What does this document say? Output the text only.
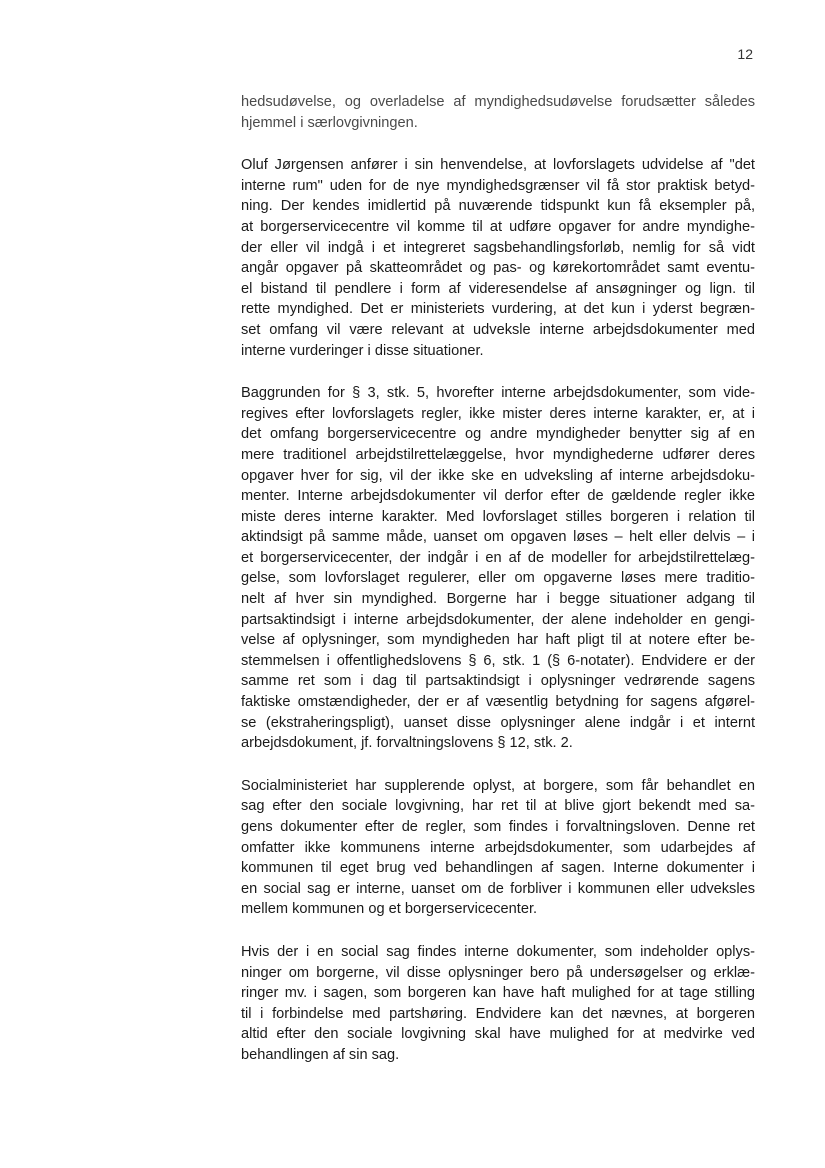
12

hedsudøvelse, og overladelse af myndighedsudøvelse forudsætter således
hjemmel i særlovgivningen.

Oluf Jørgensen anfører i sin henvendelse, at lovforslagets udvidelse af "det
interne rum" uden for de nye myndighedsgrænser vil få stor praktisk betyd-
ning. Der kendes imidlertid på nuværende tidspunkt kun få eksempler på,
at borgerservicecentre vil komme til at udføre opgaver for andre myndighe-
der eller vil indgå i et integreret sagsbehandlingsforløb, nemlig for så vidt
angår opgaver på skatteområdet og pas- og kørekortområdet samt eventu-
el bistand til pendlere i form af videresendelse af ansøgninger og lign. til
rette myndighed. Det er ministeriets vurdering, at det kun i yderst begræn-
set omfang vil være relevant at udveksle interne arbejdsdokumenter med
interne vurderinger i disse situationer.

Baggrunden for § 3, stk. 5, hvorefter interne arbejdsdokumenter, som vide-
regives efter lovforslagets regler, ikke mister deres interne karakter, er, at i
det omfang borgerservicecentre og andre myndigheder benytter sig af en
mere traditionel arbejdstilrettelæggelse, hvor myndighederne udfører deres
opgaver hver for sig, vil der ikke ske en udveksling af interne arbejdsdoku-
menter. Interne arbejdsdokumenter vil derfor efter de gældende regler ikke
miste deres interne karakter. Med lovforslaget stilles borgeren i relation til
aktindsigt på samme måde, uanset om opgaven løses – helt eller delvis – i
et borgerservicecenter, der indgår i en af de modeller for arbejdstilrettelæg-
gelse, som lovforslaget regulerer, eller om opgaverne løses mere traditio-
nelt af hver sin myndighed. Borgerne har i begge situationer adgang til
partsaktindsigt i interne arbejdsdokumenter, der alene indeholder en gengi-
velse af oplysninger, som myndigheden har haft pligt til at notere efter be-
stemmelsen i offentlighedslovens § 6, stk. 1 (§ 6-notater). Endvidere er der
samme ret som i dag til partsaktindsigt i oplysninger vedrørende sagens
faktiske omstændigheder, der er af væsentlig betydning for sagens afgørel-
se (ekstraheringspligt), uanset disse oplysninger alene indgår i et internt
arbejdsdokument, jf. forvaltningslovens § 12, stk. 2.

Socialministeriet har supplerende oplyst, at borgere, som får behandlet en
sag efter den sociale lovgivning, har ret til at blive gjort bekendt med sa-
gens dokumenter efter de regler, som findes i forvaltningsloven. Denne ret
omfatter ikke kommunens interne arbejdsdokumenter, som udarbejdes af
kommunen til eget brug ved behandlingen af sagen. Interne dokumenter i
en social sag er interne, uanset om de forbliver i kommunen eller udveksles
mellem kommunen og et borgerservicecenter.

Hvis der i en social sag findes interne dokumenter, som indeholder oplys-
ninger om borgerne, vil disse oplysninger bero på undersøgelser og erklæ-
ringer mv. i sagen, som borgeren kan have haft mulighed for at tage stilling
til i forbindelse med partshøring. Endvidere kan det nævnes, at borgeren
altid efter den sociale lovgivning skal have mulighed for at medvirke ved
behandlingen af sin sag.
